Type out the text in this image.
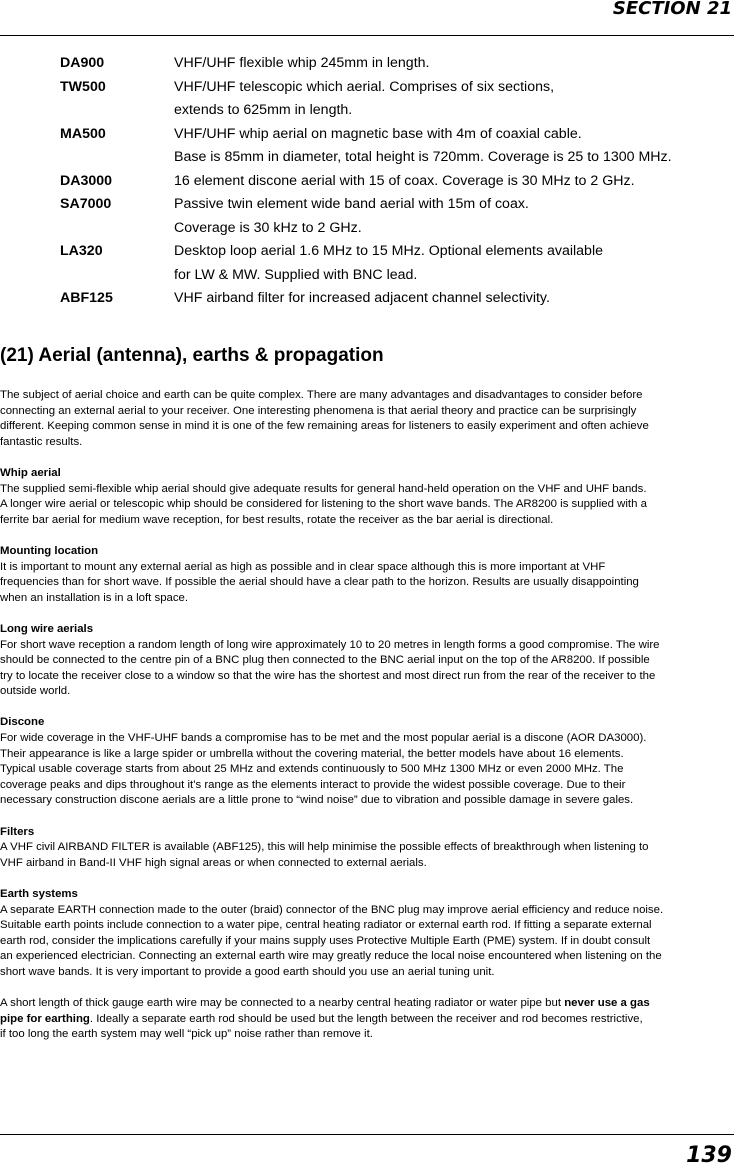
SECTION 21
DA900	VHF/UHF flexible whip 245mm in length.
TW500	VHF/UHF telescopic which aerial. Comprises of six sections,
extends to 625mm in length.
MA500	VHF/UHF whip aerial on magnetic base with 4m of coaxial cable.
Base is 85mm in diameter, total height is 720mm. Coverage is 25 to 1300 MHz.
DA3000	16 element discone aerial with 15 of coax. Coverage is 30 MHz to 2 GHz.
SA7000	Passive twin element wide band aerial with 15m of coax.
Coverage is 30 kHz to 2 GHz.
LA320	Desktop loop aerial 1.6 MHz to 15 MHz. Optional elements available
for LW & MW. Supplied with BNC lead.
ABF125	VHF airband filter for increased adjacent channel selectivity.
(21) Aerial (antenna), earths & propagation
The subject of aerial choice and earth can be quite complex. There are many advantages and disadvantages to consider before
connecting an external aerial to your receiver. One interesting phenomena is that aerial theory and practice can be surprisingly
different. Keeping common sense in mind it is one of the few remaining areas for listeners to easily experiment and often achieve
fantastic results.
Whip aerial
The supplied semi-flexible whip aerial should give adequate results for general hand-held operation on the VHF and UHF bands.
A longer wire aerial or telescopic whip should be considered for listening to the short wave bands. The AR8200 is supplied with a
ferrite bar aerial for medium wave reception, for best results, rotate the receiver as the bar aerial is directional.
Mounting location
It is important to mount any external aerial as high as possible and in clear space although this is more important at VHF
frequencies than for short wave. If possible the aerial should have a clear path to the horizon. Results are usually disappointing
when an installation is in a loft space.
Long wire aerials
For short wave reception a random length of long wire approximately 10 to 20 metres in length forms a good compromise. The wire
should be connected to the centre pin of a BNC plug then connected to the BNC aerial input on the top of the AR8200. If possible
try to locate the receiver close to a window so that the wire has the shortest and most direct run from the rear of the receiver to the
outside world.
Discone
For wide coverage in the VHF-UHF bands a compromise has to be met and the most popular aerial is a discone (AOR DA3000).
Their appearance is like a large spider or umbrella without the covering material, the better models have about 16 elements.
Typical usable coverage starts from about 25 MHz and extends continuously to 500 MHz 1300 MHz or even 2000 MHz. The
coverage peaks and dips throughout it’s range as the elements interact to provide the widest possible coverage. Due to their
necessary construction discone aerials are a little prone to “wind noise” due to vibration and possible damage in severe gales.
Filters
A VHF civil AIRBAND FILTER is available (ABF125), this will help minimise the possible effects of breakthrough when listening to
VHF airband in Band-II VHF high signal areas or when connected to external aerials.
Earth systems
A separate EARTH connection made to the outer (braid) connector of the BNC plug may improve aerial efficiency and reduce noise.
Suitable earth points include connection to a water pipe, central heating radiator or external earth rod. If fitting a separate external
earth rod, consider the implications carefully if your mains supply uses Protective Multiple Earth (PME) system. If in doubt consult
an experienced electrician. Connecting an external earth wire may greatly reduce the local noise encountered when listening on the
short wave bands. It is very important to provide a good earth should you use an aerial tuning unit.
A short length of thick gauge earth wire may be connected to a nearby central heating radiator or water pipe but never use a gas
pipe for earthing. Ideally a separate earth rod should be used but the length between the receiver and rod becomes restrictive,
if too long the earth system may well “pick up” noise rather than remove it.
139
